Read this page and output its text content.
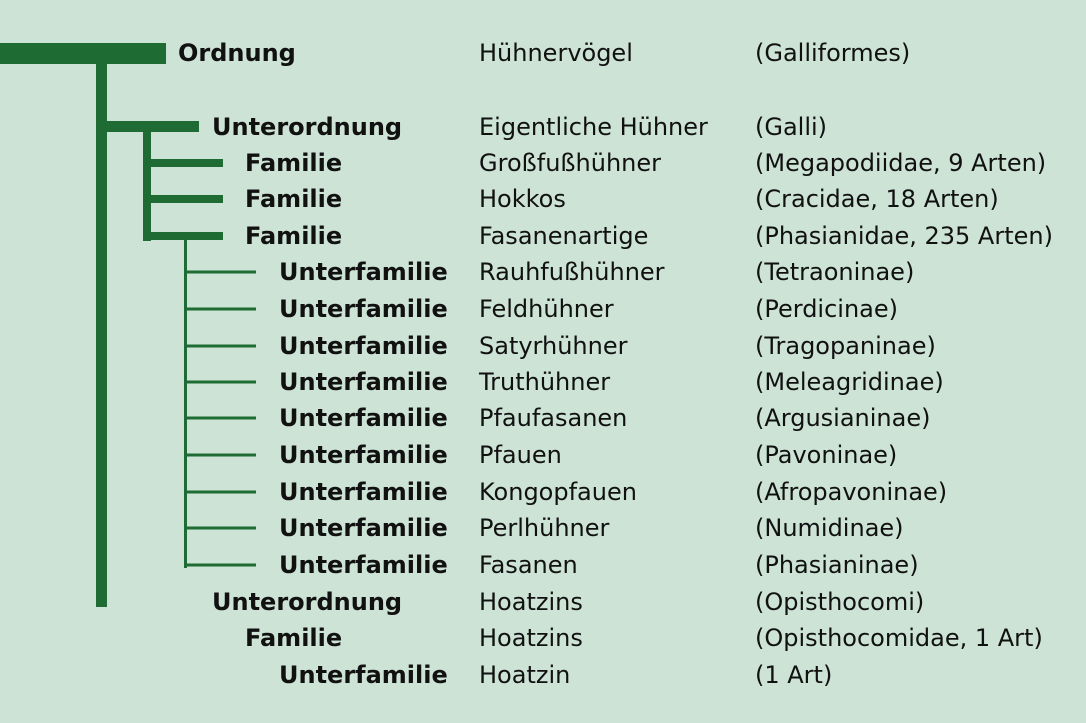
Ordnung	Hühnervögel	(Galliformes)
Unterordnung	Eigentliche Hühner (Galli)
Familie	Großfußhühner	(Megapodiidae, 9 Arten)
Familie	Hokkos	(Cracidae, 18 Arten)
Familie	Fasanenartige	(Phasianidae, 235 Arten)
Unterfamilie Rauhfußhühner	(Tetraoninae)
Unterfamilie Feldhühner	(Perdicinae)
Unterfamilie Satyrhühner	(Tragopaninae)
Unterfamilie Truthühner	(Meleagridinae)
Unterfamilie Pfaufasanen	(Argusianinae)
Unterfamilie Pfauen	(Pavoninae)
Unterfamilie Kongopfauen	(Afropavoninae)
Unterfamilie Perlhühner	(Numidinae)
Unterfamilie Fasanen	(Phasianinae)
Unterordnung	Hoatzins	(Opisthocomi)
Familie	Hoatzins	(Opisthocomidae, 1 Art)
Unterfamilie Hoatzin	(1 Art)
